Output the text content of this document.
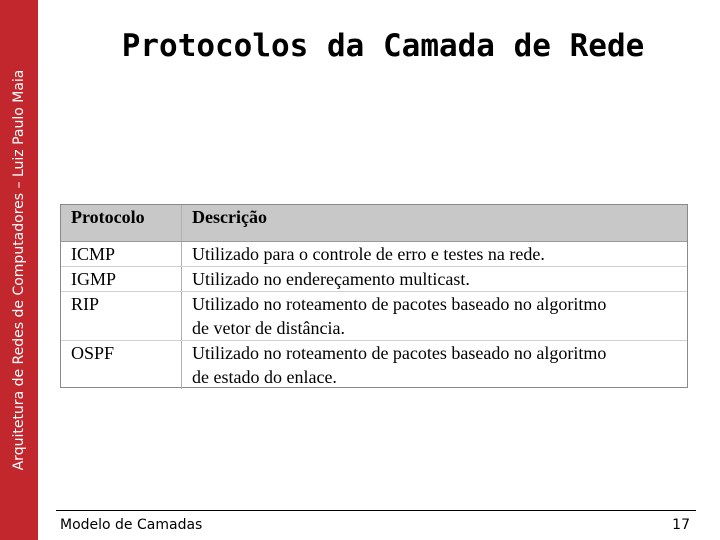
Arquitetura de Redes de Computadores – Luiz Paulo Maia
Protocolos da Camada de Rede
Protocolo	Descrição
ICMP	Utilizado para o controle de erro e testes na rede.

IGMP	Utilizado no endereçamento multicast.

RIP	Utilizado no roteamento de pacotes baseado no algoritmo
de vetor de distância.

OSPF	Utilizado no roteamento de pacotes baseado no algoritmo
de estado do enlace.
Modelo de Camadas	17
